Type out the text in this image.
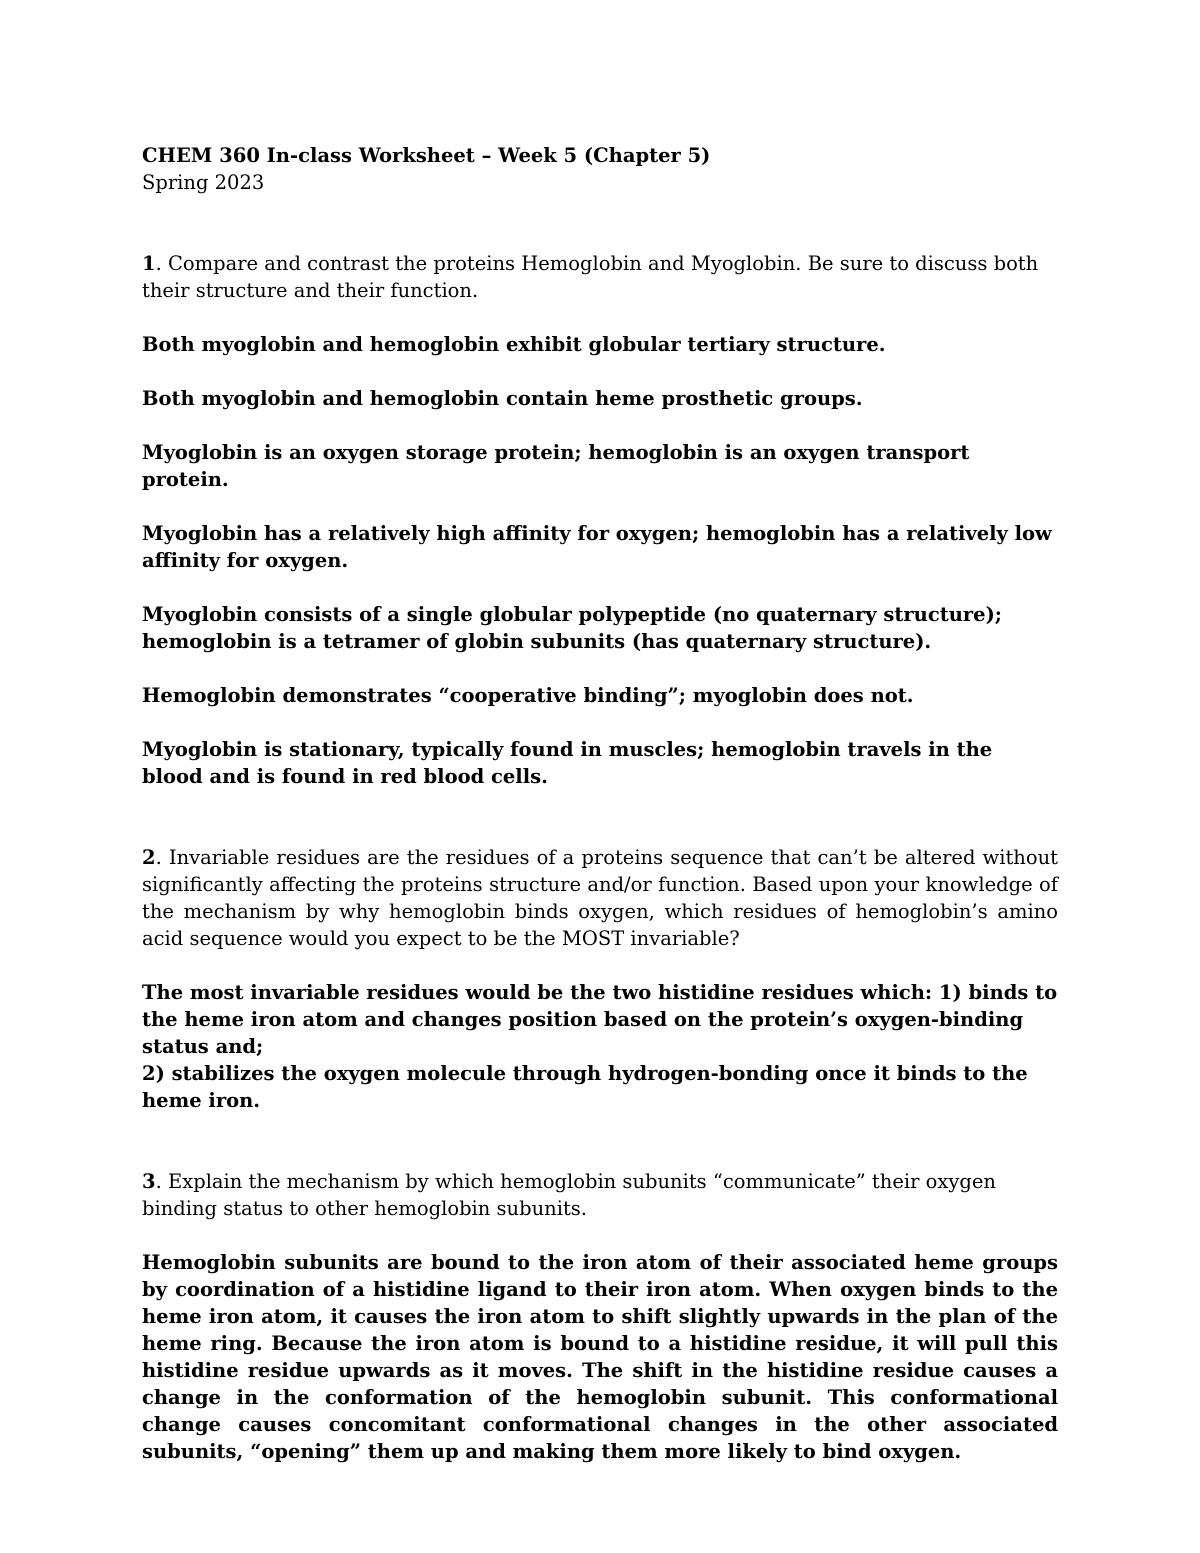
CHEM 360 In-class Worksheet – Week 5 (Chapter 5)

Spring 2023

1. Compare and contrast the proteins Hemoglobin and Myoglobin. Be sure to discuss both their structure and their function.

Both myoglobin and hemoglobin exhibit globular tertiary structure.

Both myoglobin and hemoglobin contain heme prosthetic groups.

Myoglobin is an oxygen storage protein; hemoglobin is an oxygen transport protein.

Myoglobin has a relatively high affinity for oxygen; hemoglobin has a relatively low affinity for oxygen.

Myoglobin consists of a single globular polypeptide (no quaternary structure); hemoglobin is a tetramer of globin subunits (has quaternary structure).

Hemoglobin demonstrates “cooperative binding”; myoglobin does not.

Myoglobin is stationary, typically found in muscles; hemoglobin travels in the blood and is found in red blood cells.

2. Invariable residues are the residues of a proteins sequence that can’t be altered without significantly affecting the proteins structure and/or function. Based upon your knowledge of the mechanism by why hemoglobin binds oxygen, which residues of hemoglobin’s amino acid sequence would you expect to be the MOST invariable?

The most invariable residues would be the two histidine residues which: 1) binds to the heme iron atom and changes position based on the protein’s oxygen-binding status and;

2) stabilizes the oxygen molecule through hydrogen-bonding once it binds to the heme iron.

3. Explain the mechanism by which hemoglobin subunits “communicate” their oxygen binding status to other hemoglobin subunits.

Hemoglobin subunits are bound to the iron atom of their associated heme groups by coordination of a histidine ligand to their iron atom. When oxygen binds to the heme iron atom, it causes the iron atom to shift slightly upwards in the plan of the heme ring. Because the iron atom is bound to a histidine residue, it will pull this histidine residue upwards as it moves. The shift in the histidine residue causes a change in the conformation of the hemoglobin subunit. This conformational change causes concomitant conformational changes in the other associated subunits, “opening” them up and making them more likely to bind oxygen.
